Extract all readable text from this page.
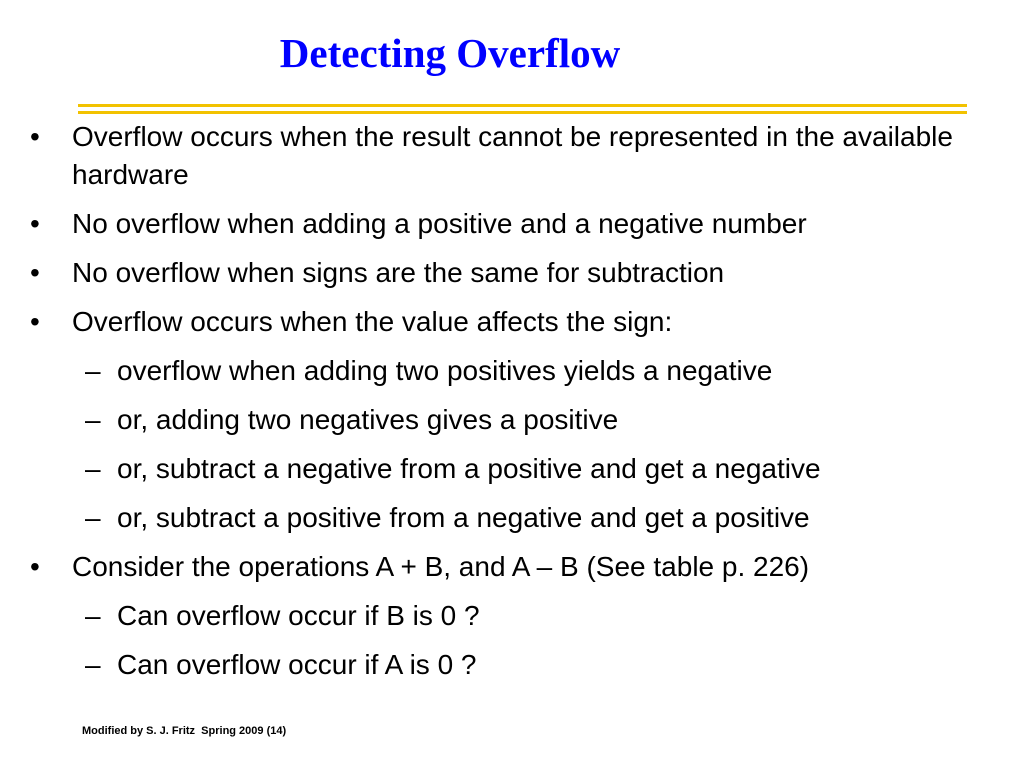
Detecting Overflow
• Overflow occurs when the result cannot be represented in the available hardware
• No overflow when adding a positive and a negative number
• No overflow when signs are the same for subtraction
• Overflow occurs when the value affects the sign:
– overflow when adding two positives yields a negative
– or, adding two negatives gives a positive
– or, subtract a negative from a positive and get a negative
– or, subtract a positive from a negative and get a positive
• Consider the operations A + B, and A – B (See table p. 226)
– Can overflow occur if B is 0 ?
– Can overflow occur if A is 0 ?
Modified by S. J. Fritz  Spring 2009 (14)
